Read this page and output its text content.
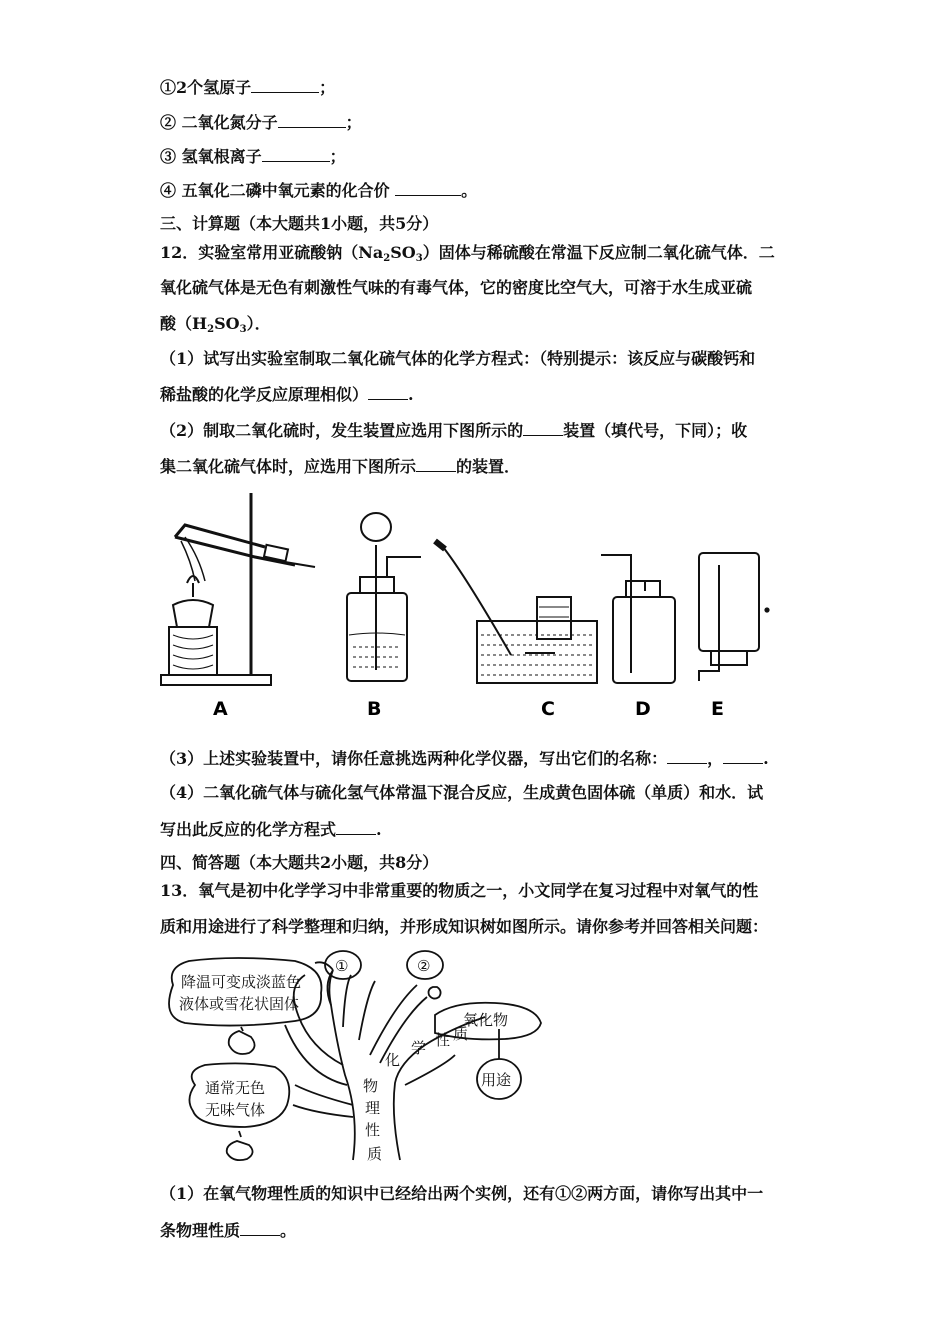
①2个氢原子	；
② 二氧化氮分子	；
③ 氢氧根离子	；
④ 五氧化二磷中氧元素的化合价	。
三、计算题（本大题共1小题，共5分）
12．实验室常用亚硫酸钠$(Na_2SO_3)$固体与稀硫酸在常温下反应制二氧化硫气体．二
氧化硫气体是无色有刺激性气味的有毒气体，它的密度比空气大，可溶于水生成亚硫
酸$(H_2SO_3)$．
（1）试写出实验室制取二氧化硫气体的化学方程式：（特别提示：该反应与碳酸钙和
稀盐酸的化学反应原理相似）	.
（2）制取二氧化硫时，发生装置应选用下图所示的	装置（填代号，下同）；收
集二氧化硫气体时，应选用下图所示	的装置．
A	B	C	D	E
（3）上述实验装置中，请你任意挑选两种化学仪器，写出它们的名称：	，	.
（4）二氧化硫气体与硫化氢气体常温下混合反应，生成黄色固体硫（单质）和水．试
写出此反应的化学方程式	.
四、简答题（本大题共2小题，共8分）
13．氧气是初中化学学习中非常重要的物质之一，小文同学在复习过程中对氧气的性
质和用途进行了科学整理和归纳，并形成知识树如图所示。请你参考并回答相关问题：
降温可变成淡蓝色
液体或雪花状固体
通常无色
无味气体
①	②
氧化物
用途
化
学 性 质
物
理
性
质
（1）在氧气物理性质的知识中已经给出两个实例，还有①②两方面，请你写出其中一
条物理性质	。
